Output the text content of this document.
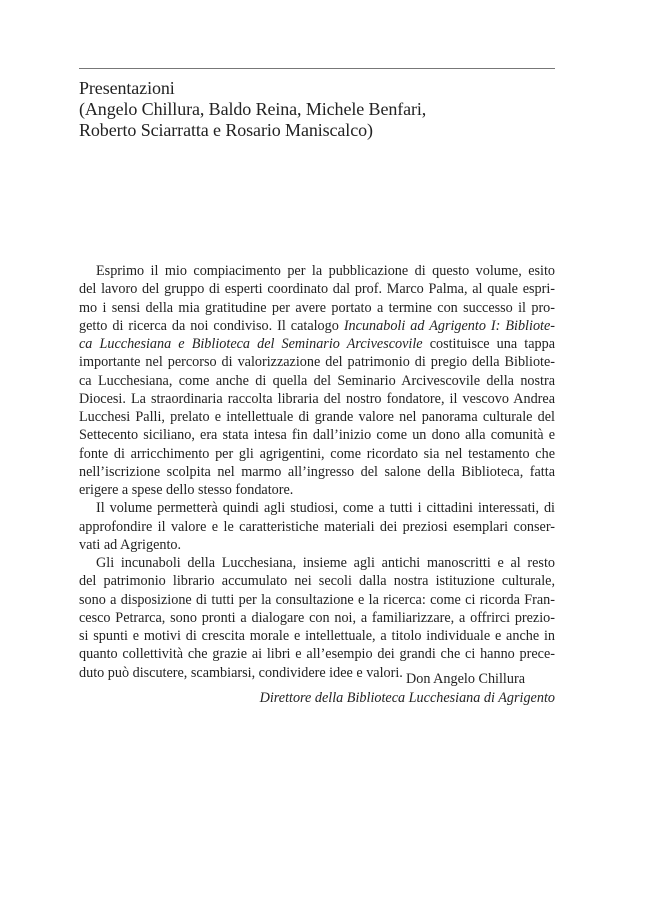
Presentazioni
(Angelo Chillura, Baldo Reina, Michele Benfari,
Roberto Sciarratta e Rosario Maniscalco)
Esprimo il mio compiacimento per la pubblicazione di questo volume, esito
del lavoro del gruppo di esperti coordinato dal prof. Marco Palma, al quale espri-
mo i sensi della mia gratitudine per avere portato a termine con successo il pro-
getto di ricerca da noi condiviso. Il catalogo Incunaboli ad Agrigento I: Bibliote-
ca Lucchesiana e Biblioteca del Seminario Arcivescovile costituisce una tappa
importante nel percorso di valorizzazione del patrimonio di pregio della Bibliote-
ca Lucchesiana, come anche di quella del Seminario Arcivescovile della nostra
Diocesi. La straordinaria raccolta libraria del nostro fondatore, il vescovo Andrea
Lucchesi Palli, prelato e intellettuale di grande valore nel panorama culturale del
Settecento siciliano, era stata intesa fin dall’inizio come un dono alla comunità e
fonte di arricchimento per gli agrigentini, come ricordato sia nel testamento che
nell’iscrizione scolpita nel marmo all’ingresso del salone della Biblioteca, fatta
erigere a spese dello stesso fondatore.
Il volume permetterà quindi agli studiosi, come a tutti i cittadini interessati, di
approfondire il valore e le caratteristiche materiali dei preziosi esemplari conser-
vati ad Agrigento.
Gli incunaboli della Lucchesiana, insieme agli antichi manoscritti e al resto
del patrimonio librario accumulato nei secoli dalla nostra istituzione culturale,
sono a disposizione di tutti per la consultazione e la ricerca: come ci ricorda Fran-
cesco Petrarca, sono pronti a dialogare con noi, a familiarizzare, a offrirci prezio-
si spunti e motivi di crescita morale e intellettuale, a titolo individuale e anche in
quanto collettività che grazie ai libri e all’esempio dei grandi che ci hanno prece-
duto può discutere, scambiarsi, condividere idee e valori. Don Angelo Chillura
Direttore della Biblioteca Lucchesiana di Agrigento
